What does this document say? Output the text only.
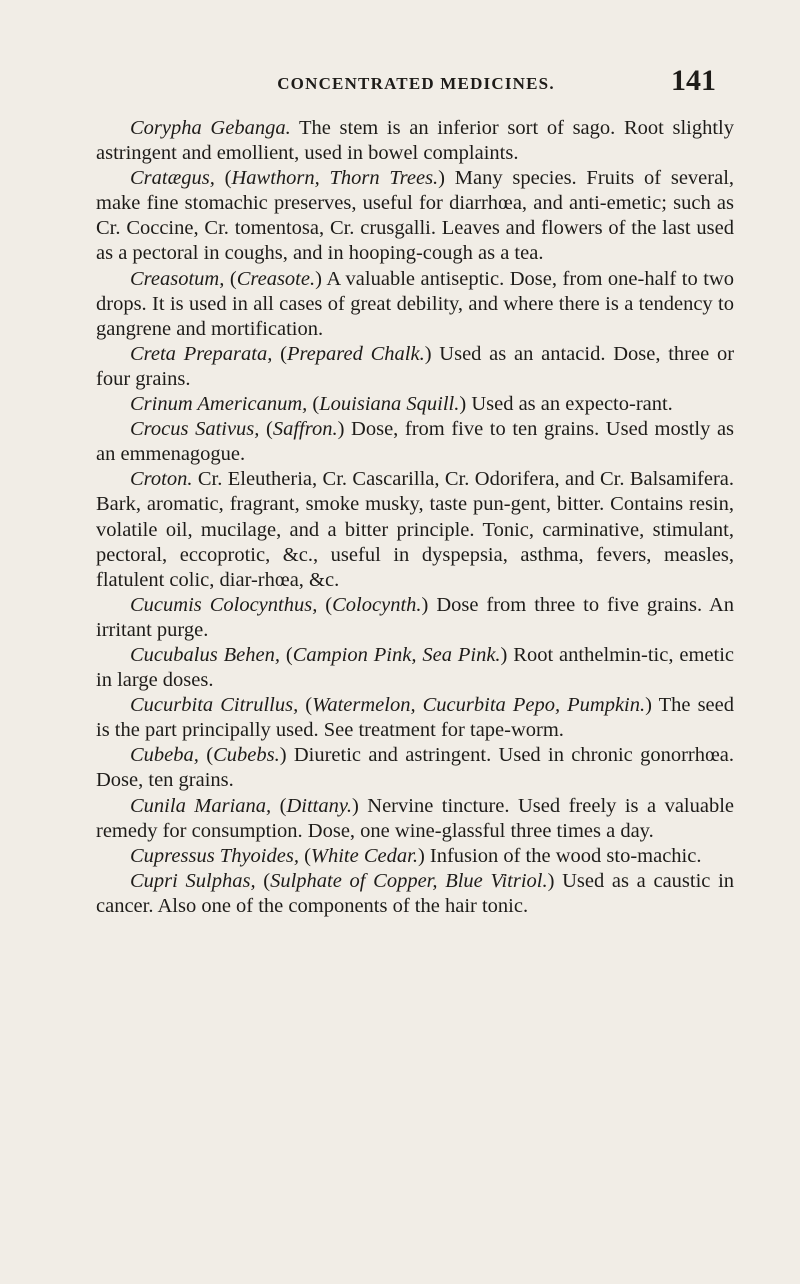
CONCENTRATED MEDICINES.	141

Corypha Gebanga. The stem is an inferior sort of sago. Root slightly astringent and emollient, used in bowel complaints.

Cratægus, (Hawthorn, Thorn Trees.) Many species. Fruits of several, make fine stomachic preserves, useful for diarrhœa, and anti-emetic; such as Cr. Coccine, Cr. tomentosa, Cr. crusgalli. Leaves and flowers of the last used as a pectoral in coughs, and in hooping-cough as a tea.

Creasotum, (Creasote.) A valuable antiseptic. Dose, from one-half to two drops. It is used in all cases of great debility, and where there is a tendency to gangrene and mortification.

Creta Preparata, (Prepared Chalk.) Used as an antacid. Dose, three or four grains.

Crinum Americanum, (Louisiana Squill.) Used as an expecto-rant.

Crocus Sativus, (Saffron.) Dose, from five to ten grains. Used mostly as an emmenagogue.

Croton. Cr. Eleutheria, Cr. Cascarilla, Cr. Odorifera, and Cr. Balsamifera. Bark, aromatic, fragrant, smoke musky, taste pun-gent, bitter. Contains resin, volatile oil, mucilage, and a bitter principle. Tonic, carminative, stimulant, pectoral, eccoprotic, &c., useful in dyspepsia, asthma, fevers, measles, flatulent colic, diar-rhœa, &c.

Cucumis Colocynthus, (Colocynth.) Dose from three to five grains. An irritant purge.

Cucubalus Behen, (Campion Pink, Sea Pink.) Root anthelmin-tic, emetic in large doses.

Cucurbita Citrullus, (Watermelon, Cucurbita Pepo, Pumpkin.) The seed is the part principally used. See treatment for tape-worm.

Cubeba, (Cubebs.) Diuretic and astringent. Used in chronic gonorrhœa. Dose, ten grains.

Cunila Mariana, (Dittany.) Nervine tincture. Used freely is a valuable remedy for consumption. Dose, one wine-glassful three times a day.

Cupressus Thyoides, (White Cedar.) Infusion of the wood sto-machic.

Cupri Sulphas, (Sulphate of Copper, Blue Vitriol.) Used as a caustic in cancer. Also one of the components of the hair tonic.
